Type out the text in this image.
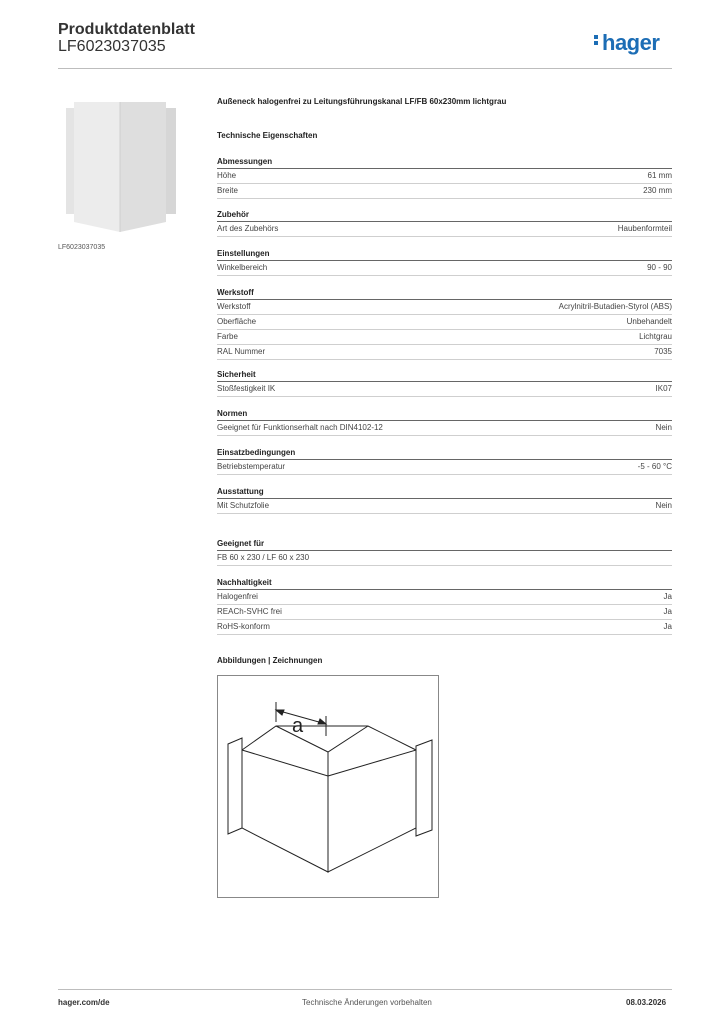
Produktdatenblatt
LF6023037035	hager
LF6023037035
Außeneck halogenfrei zu Leitungsführungskanal LF/FB 60x230mm lichtgrau
Technische Eigenschaften
Abmessungen
Höhe	61 mm
Breite	230 mm
Zubehör
Art des Zubehörs	Haubenformteil
Einstellungen
Winkelbereich	90 - 90
Werkstoff
Werkstoff	Acrylnitril-Butadien-Styrol (ABS)
Oberfläche	Unbehandelt
Farbe	Lichtgrau
RAL Nummer	7035
Sicherheit
Stoßfestigkeit IK	IK07
Normen
Geeignet für Funktionserhalt nach DIN4102-12	Nein
Einsatzbedingungen
Betriebstemperatur	-5 - 60 °C
Ausstattung
Mit Schutzfolie	Nein
Geeignet für
FB 60 x 230 / LF 60 x 230
Nachhaltigkeit
Halogenfrei	Ja
REACh-SVHC frei	Ja
RoHS-konform	Ja
Abbildungen | Zeichnungen
a
hager.com/de	Technische Änderungen vorbehalten	08.03.2026
